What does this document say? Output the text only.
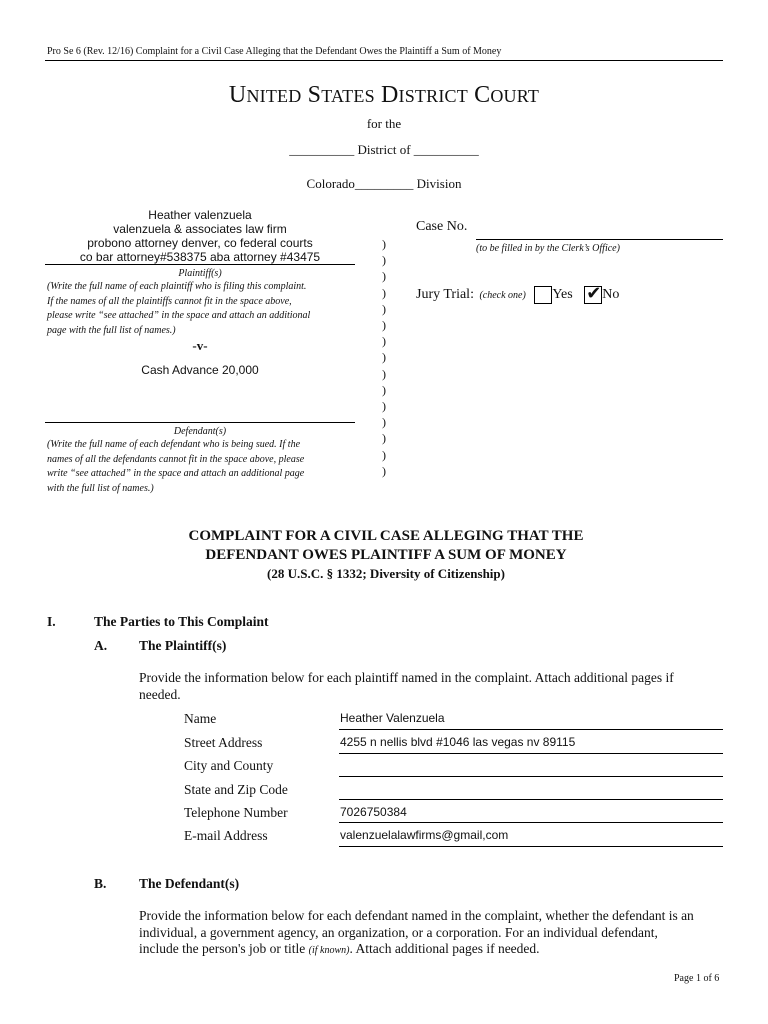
Pro Se 6 (Rev. 12/16) Complaint for a Civil Case Alleging that the Defendant Owes the Plaintiff a Sum of Money
UNITED STATES DISTRICT COURT
for the
__________ District of __________
Colorado_________ Division
Heather valenzuela
valenzuela & associates law firm
probono attorney denver, co federal courts
co bar attorney#538375 aba attorney #43475
Plaintiff(s)
(Write the full name of each plaintiff who is filing this complaint.
If the names of all the plaintiffs cannot fit in the space above,
please write “see attached” in the space and attach an additional
page with the full list of names.)
-v-
Cash Advance 20,000
Defendant(s)
(Write the full name of each defendant who is being sued. If the
names of all the defendants cannot fit in the space above, please
write “see attached” in the space and attach an additional page
with the full list of names.)
)
)
)
)
)
)
)
)
)
)
)
)
)
)
)
Case No.
(to be filled in by the Clerk’s Office)
Jury Trial: (check one) Yes ✔ No
COMPLAINT FOR A CIVIL CASE ALLEGING THAT THE
DEFENDANT OWES PLAINTIFF A SUM OF MONEY
(28 U.S.C. § 1332; Diversity of Citizenship)
I.	The Parties to This Complaint
A. The Plaintiff(s)
Provide the information below for each plaintiff named in the complaint. Attach additional pages if
needed.
Name	Heather Valenzuela
Street Address	4255 n nellis blvd #1046 las vegas nv 89115
City and County
State and Zip Code
Telephone Number	7026750384
E-mail Address	valenzuelalawfirms@gmail,com
B. The Defendant(s)
Provide the information below for each defendant named in the complaint, whether the defendant is an
individual, a government agency, an organization, or a corporation. For an individual defendant,
include the person's job or title (if known). Attach additional pages if needed.
Page 1 of 6
